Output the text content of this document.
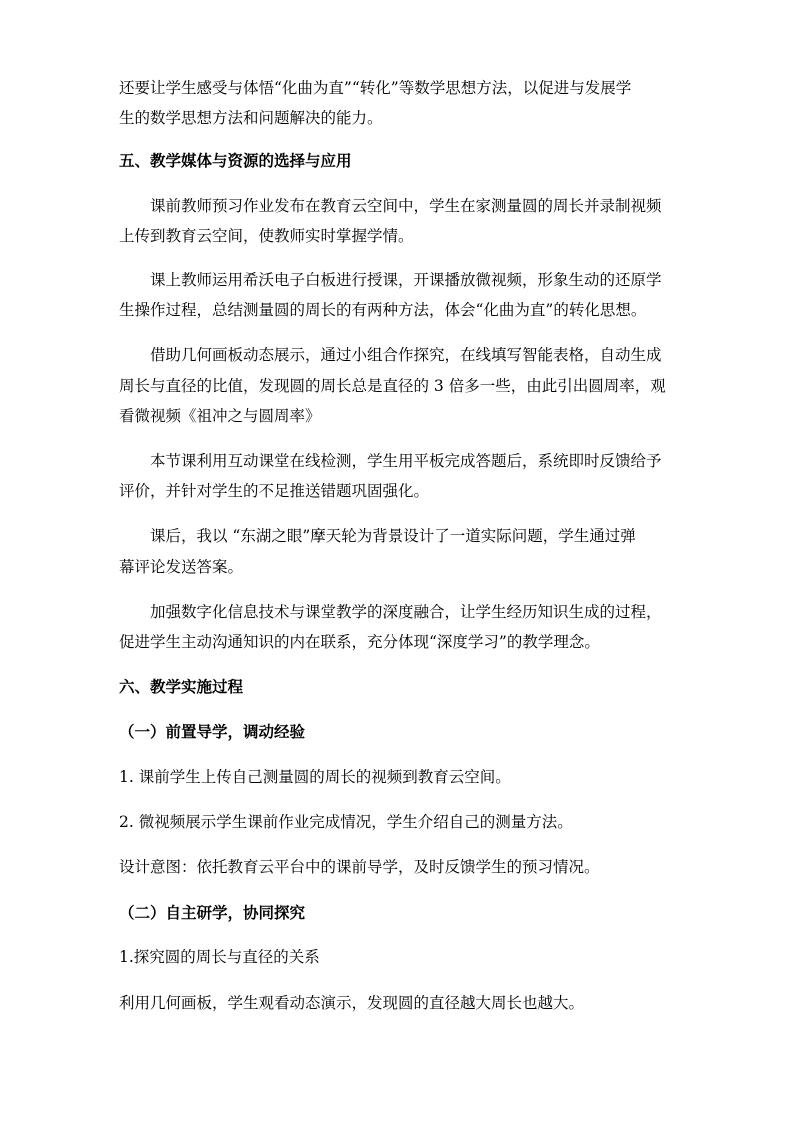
还要让学生感受与体悟“化曲为直”“转化”等数学思想方法，以促进与发展学
生的数学思想方法和问题解决的能力。
五、教学媒体与资源的选择与应用
课前教师预习作业发布在教育云空间中，学生在家测量圆的周长并录制视频
上传到教育云空间，使教师实时掌握学情。
课上教师运用希沃电子白板进行授课，开课播放微视频，形象生动的还原学
生操作过程，总结测量圆的周长的有两种方法，体会“化曲为直”的转化思想。
借助几何画板动态展示，通过小组合作探究，在线填写智能表格，自动生成
周长与直径的比值，发现圆的周长总是直径的 3 倍多一些，由此引出圆周率，观
看微视频《祖冲之与圆周率》
本节课利用互动课堂在线检测，学生用平板完成答题后，系统即时反馈给予
评价，并针对学生的不足推送错题巩固强化。
课后，我以 “东湖之眼”摩天轮为背景设计了一道实际问题，学生通过弹
幕评论发送答案。
加强数字化信息技术与课堂教学的深度融合，让学生经历知识生成的过程，
促进学生主动沟通知识的内在联系，充分体现“深度学习”的教学理念。
六、教学实施过程
（一）前置导学，调动经验
1. 课前学生上传自己测量圆的周长的视频到教育云空间。
2. 微视频展示学生课前作业完成情况，学生介绍自己的测量方法。
设计意图：依托教育云平台中的课前导学，及时反馈学生的预习情况。
（二）自主研学，协同探究
1.探究圆的周长与直径的关系
利用几何画板，学生观看动态演示，发现圆的直径越大周长也越大。
